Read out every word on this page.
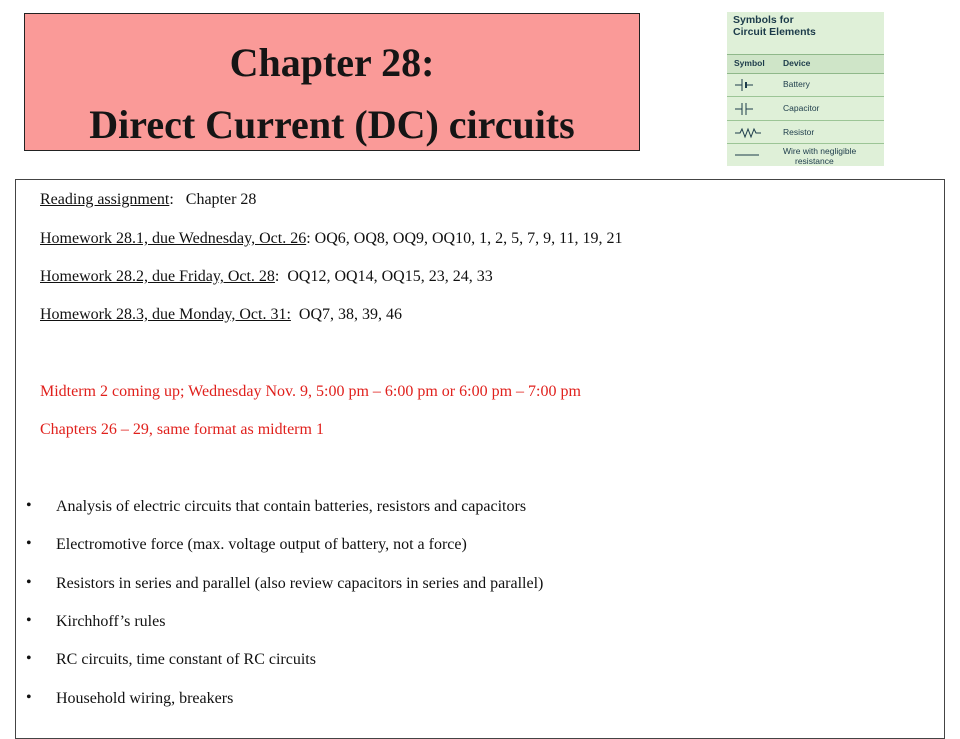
Chapter 28:
Direct Current (DC) circuits
Symbols for
Circuit Elements
Symbol Device
Battery
Capacitor
Resistor
Wire with negligible
resistance
Reading assignment:   Chapter 28
Homework 28.1, due Wednesday, Oct. 26: OQ6, OQ8, OQ9, OQ10, 1, 2, 5, 7, 9, 11, 19, 21
Homework 28.2, due Friday, Oct. 28:  OQ12, OQ14, OQ15, 23, 24, 33
Homework 28.3, due Monday, Oct. 31:  OQ7, 38, 39, 46
Midterm 2 coming up; Wednesday Nov. 9, 5:00 pm – 6:00 pm or 6:00 pm – 7:00 pm
Chapters 26 – 29, same format as midterm 1
• Analysis of electric circuits that contain batteries, resistors and capacitors
• Electromotive force (max. voltage output of battery, not a force)
• Resistors in series and parallel (also review capacitors in series and parallel)
• Kirchhoff’s rules
• RC circuits, time constant of RC circuits
• Household wiring, breakers
